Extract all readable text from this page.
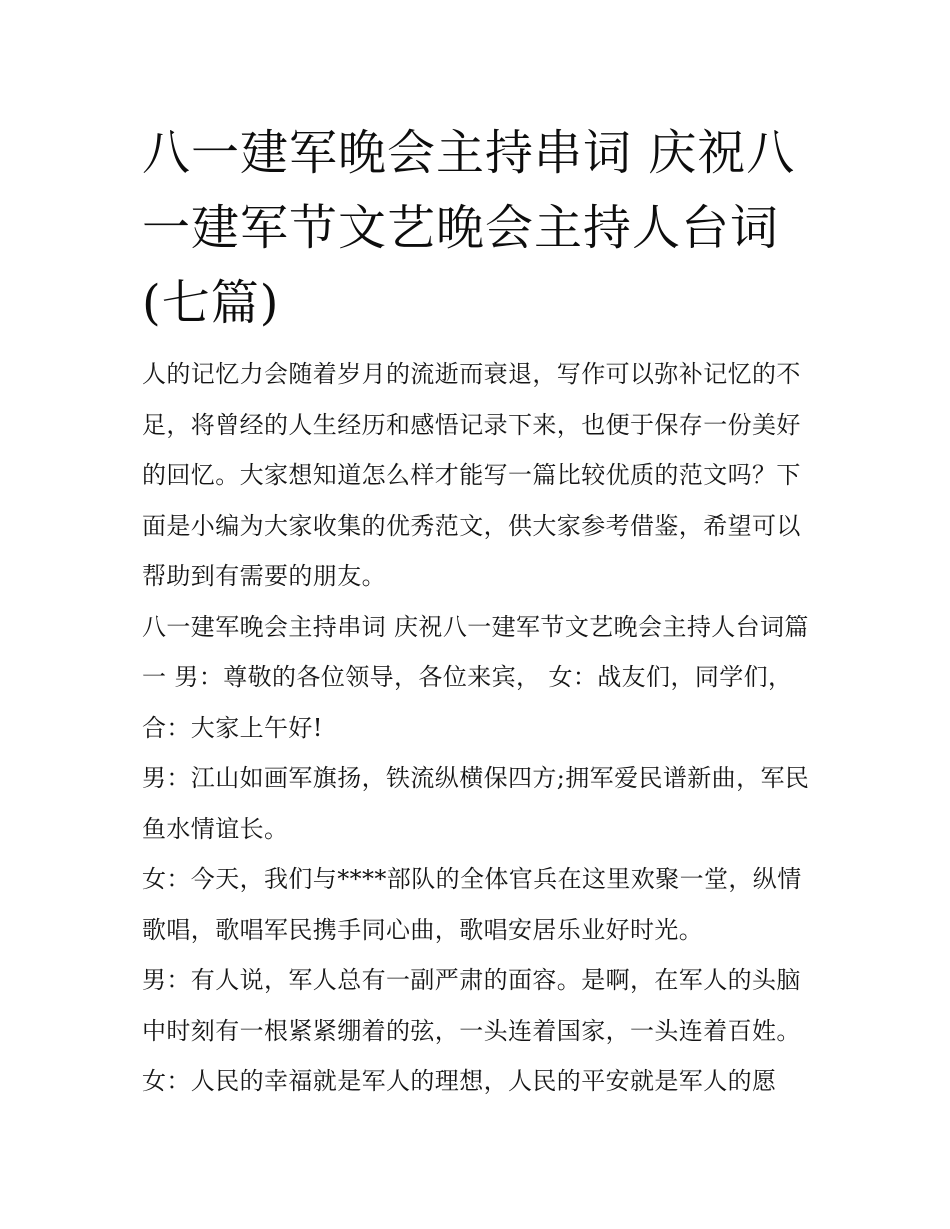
八一建军晚会主持串词 庆祝八一建军节文艺晚会主持人台词(七篇)

人的记忆力会随着岁月的流逝而衰退，写作可以弥补记忆的不足，将曾经的人生经历和感悟记录下来，也便于保存一份美好的回忆。大家想知道怎么样才能写一篇比较优质的范文吗？下面是小编为大家收集的优秀范文，供大家参考借鉴，希望可以帮助到有需要的朋友。

八一建军晚会主持串词 庆祝八一建军节文艺晚会主持人台词篇一 男：尊敬的各位领导，各位来宾， 女：战友们，同学们， 合：大家上午好!

男：江山如画军旗扬，铁流纵横保四方;拥军爱民谱新曲，军民鱼水情谊长。

女：今天，我们与****部队的全体官兵在这里欢聚一堂，纵情歌唱，歌唱军民携手同心曲，歌唱安居乐业好时光。

男：有人说，军人总有一副严肃的面容。是啊，在军人的头脑中时刻有一根紧紧绷着的弦，一头连着国家，一头连着百姓。

女：人民的幸福就是军人的理想，人民的平安就是军人的愿
